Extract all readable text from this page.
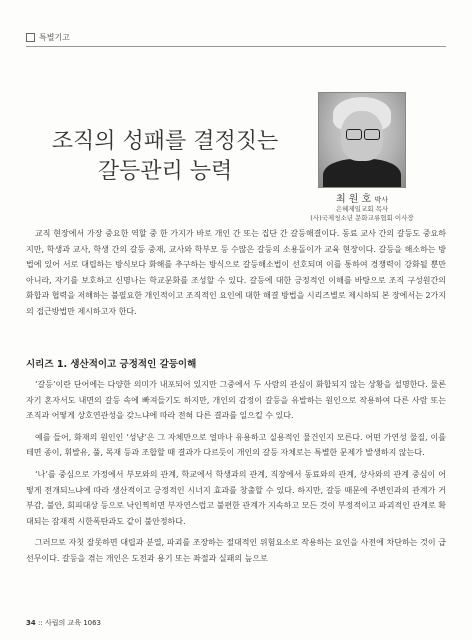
특별기고
조직의 성패를 결정짓는
갈등관리 능력
최 원 호 박사
은혜제일교회 목사
(사)국제청소년 문화교류협회 이사장

교직 현장에서 가장 중요한 역할 중 한 가지가 바로 개인 간 또는 집단 간 갈등해결이다. 동료 교사 간의 갈등도 중요하지만, 학생과 교사, 학생 간의 갈등 중재, 교사와 학부모 등 수많은 갈등의 소용돌이가 교육 현장이다. 갈등을 해소하는 방법에 있어 서로 대립하는 방식보다 화해를 추구하는 방식으로 갈등해소법이 선호되며 이를 통하여 경쟁력이 강화될 뿐만 아니라, 자기를 보호하고 신명나는 학교문화를 조성할 수 있다. 갈등에 대한 긍정적인 이해를 바탕으로 조직 구성원간의 화합과 협력을 저해하는 불필요한 개인적이고 조직적인 요인에 대한 해결 방법을 시리즈별로 제시하되 본 장에서는 2가지의 접근방법만 제시하고자 한다.

시리즈 1. 생산적이고 긍정적인 갈등이해

‘갈등’이란 단어에는 다양한 의미가 내포되어 있지만 그중에서 두 사람의 관심이 화합되지 않는 상황을 설명한다. 물론 자기 혼자서도 내면의 갈등 속에 빠져들기도 하지만, 개인의 감정이 갈등을 유발하는 원인으로 작용하여 다른 사람 또는 조직과 어떻게 상호연관성을 갖느냐에 따라 전혀 다른 결과를 일으킬 수 있다.

예를 들어, 화재의 원인인 ‘성냥’은 그 자체만으로 얼마나 유용하고 실용적인 물건인지 모른다. 어떤 가연성 물질, 이를테면 종이, 휘발유, 풀, 목재 등과 조합할 때 결과가 다르듯이 개인의 갈등 자체로는 특별한 문제가 발생하지 않는다.

‘나’를 중심으로 가정에서 부모와의 관계, 학교에서 학생과의 관계, 직장에서 동료와의 관계, 상사와의 관계 중심이 어떻게 전개되느냐에 따라 생산적이고 긍정적인 시너지 효과를 창출할 수 있다. 하지만, 갈등 때문에 주변인과의 관계가 거부감, 불안, 회피대상 등으로 낙인찍히면 부자연스럽고 불편한 관계가 지속하고 모든 것이 부정적이고 파괴적인 관계로 확대되는 잠재적 시한폭탄과도 같이 불안정하다.

그러므로 자칫 잘못하면 대립과 분열, 파괴를 조장하는 절대적인 위험요소로 작용하는 요인을 사전에 차단하는 것이 급선무이다. 갈등을 겪는 개인은 도전과 용기 또는 좌절과 실패의 늪으로

34 :: 사립의 교육 1063
